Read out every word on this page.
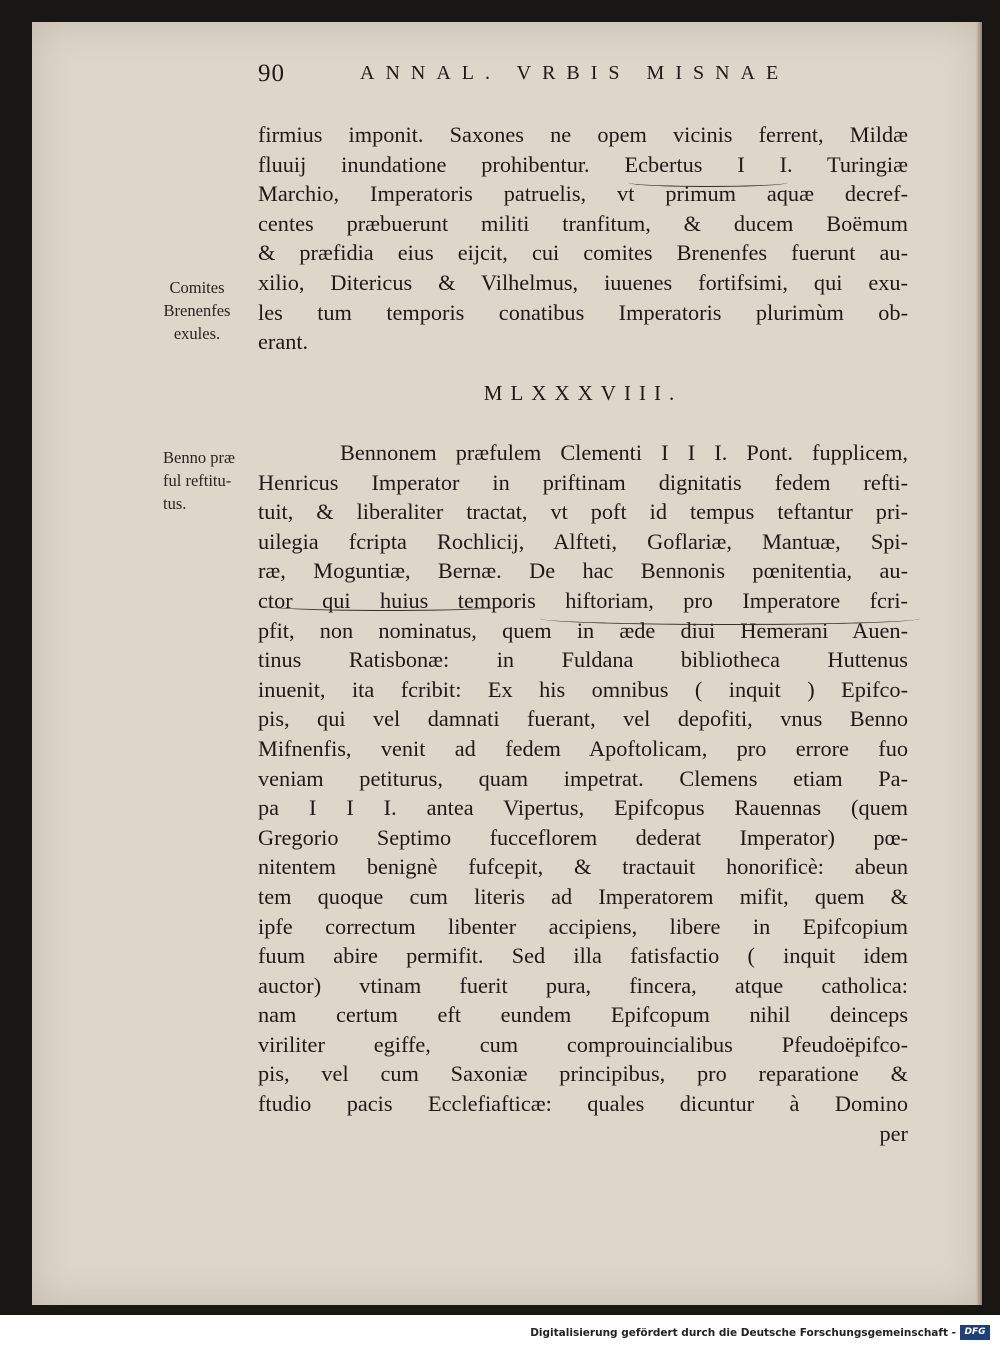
90	ANNAL. VRBIS MISNAE
firmius imponit. Saxones ne opem vicinis ferrent, Mildæ
fluuij inundatione prohibentur. Ecbertus I I. Turingiæ
Marchio, Imperatoris patruelis, vt primum aquæ decref-
centes præbuerunt militi tranfitum, & ducem Boëmum
& præfidia eius eijcit, cui comites Brenenfes fuerunt au-
xilio, Ditericus & Vilhelmus, iuuenes fortifsimi, qui exu-
les tum temporis conatibus Imperatoris plurimùm ob-
erant.
Comites
Brenenfes
exules.
MLXXXVIII.
Benno præ
ful reftitu-
tus.
Bennonem præfulem Clementi I I I. Pont. fupplicem,
Henricus Imperator in priftinam dignitatis fedem refti-
tuit, & liberaliter tractat, vt poft id tempus teftantur pri-
uilegia fcripta Rochlicij, Alfteti, Goflariæ, Mantuæ, Spi-
ræ, Moguntiæ, Bernæ. De hac Bennonis pœnitentia, au-
ctor qui huius temporis hiftoriam, pro Imperatore fcri-
pfit, non nominatus, quem in æde diui Hemerani Auen-
tinus Ratisbonæ: in Fuldana bibliotheca Huttenus
inuenit, ita fcribit: Ex his omnibus ( inquit ) Epifco-
pis, qui vel damnati fuerant, vel depofiti, vnus Benno
Mifnenfis, venit ad fedem Apoftolicam, pro errore fuo
veniam petiturus, quam impetrat. Clemens etiam Pa-
pa I I I. antea Vipertus, Epifcopus Rauennas (quem
Gregorio Septimo fucceflorem dederat Imperator) pœ-
nitentem benignè fufcepit, & tractauit honorificè: abeun
tem quoque cum literis ad Imperatorem mifit, quem &
ipfe correctum libenter accipiens, libere in Epifcopium
fuum abire permifit. Sed illa fatisfactio ( inquit idem
auctor) vtinam fuerit pura, fincera, atque catholica:
nam certum eft eundem Epifcopum nihil deinceps
viriliter egiffe, cum comprouincialibus Pfeudoëpifco-
pis, vel cum Saxoniæ principibus, pro reparatione &
ftudio pacis Ecclefiafticæ: quales dicuntur à Domino
per
Digitalisierung gefördert durch die Deutsche Forschungsgemeinschaft - DFG
